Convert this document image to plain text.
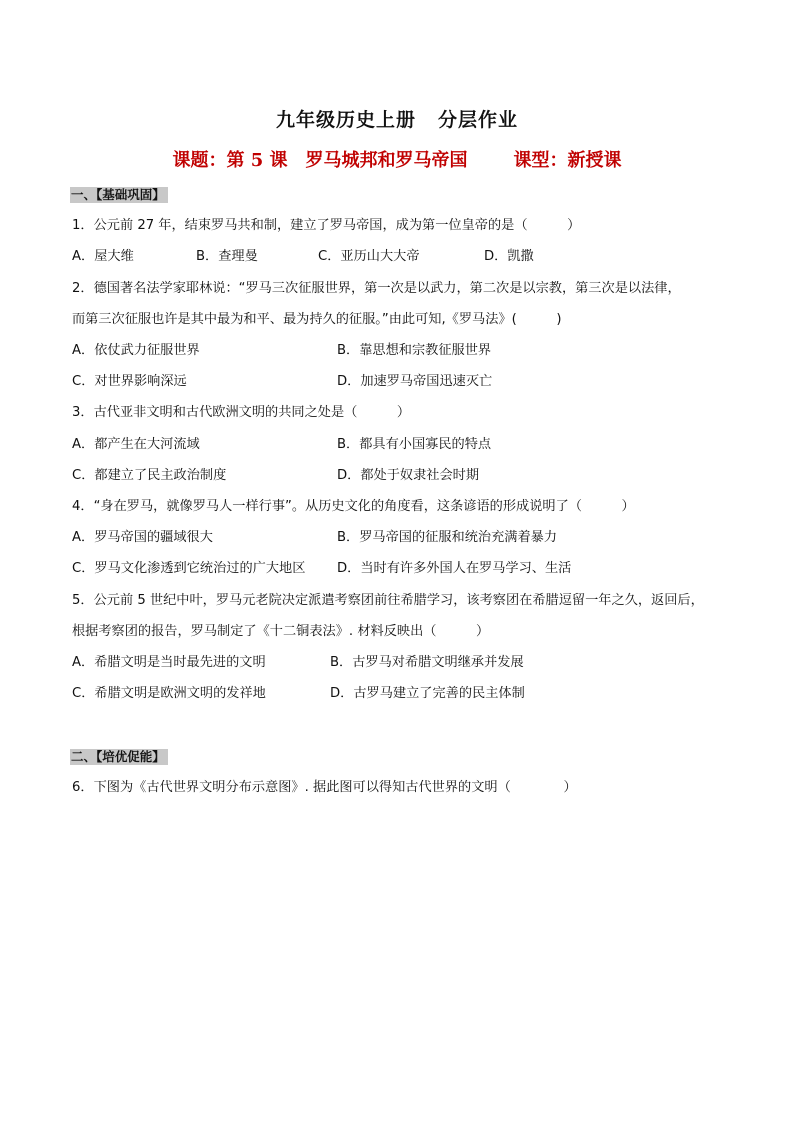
九年级历史上册 分层作业
课题：第 5 课　罗马城邦和罗马帝国	课型：新授课
一、【基础巩固】
1．公元前 27 年，结束罗马共和制，建立了罗马帝国，成为第一位皇帝的是（　　　）
A．屋大维	B．查理曼	C．亚历山大大帝	D．凯撒
2．德国著名法学家耶林说：“罗马三次征服世界，第一次是以武力，第二次是以宗教，第三次是以法律，
而第三次征服也许是其中最为和平、最为持久的征服。”由此可知,《罗马法》(　　　)
A．依仗武力征服世界	B．靠思想和宗教征服世界
C．对世界影响深远	D．加速罗马帝国迅速灭亡
3．古代亚非文明和古代欧洲文明的共同之处是（　　　）
A．都产生在大河流域	B．都具有小国寡民的特点
C．都建立了民主政治制度	D．都处于奴隶社会时期
4．“身在罗马，就像罗马人一样行事”。从历史文化的角度看，这条谚语的形成说明了（　　　）
A．罗马帝国的疆域很大	B．罗马帝国的征服和统治充满着暴力
C．罗马文化渗透到它统治过的广大地区 D．当时有许多外国人在罗马学习、生活
5．公元前 5 世纪中叶，罗马元老院决定派遣考察团前往希腊学习，该考察团在希腊逗留一年之久，返回后，
根据考察团的报告，罗马制定了《十二铜表法》. 材料反映出（　　　）
A．希腊文明是当时最先进的文明	B．古罗马对希腊文明继承并发展
C．希腊文明是欧洲文明的发祥地	D．古罗马建立了完善的民主体制
二、【培优促能】
6．下图为《古代世界文明分布示意图》. 据此图可以得知古代世界的文明（　　　　）
